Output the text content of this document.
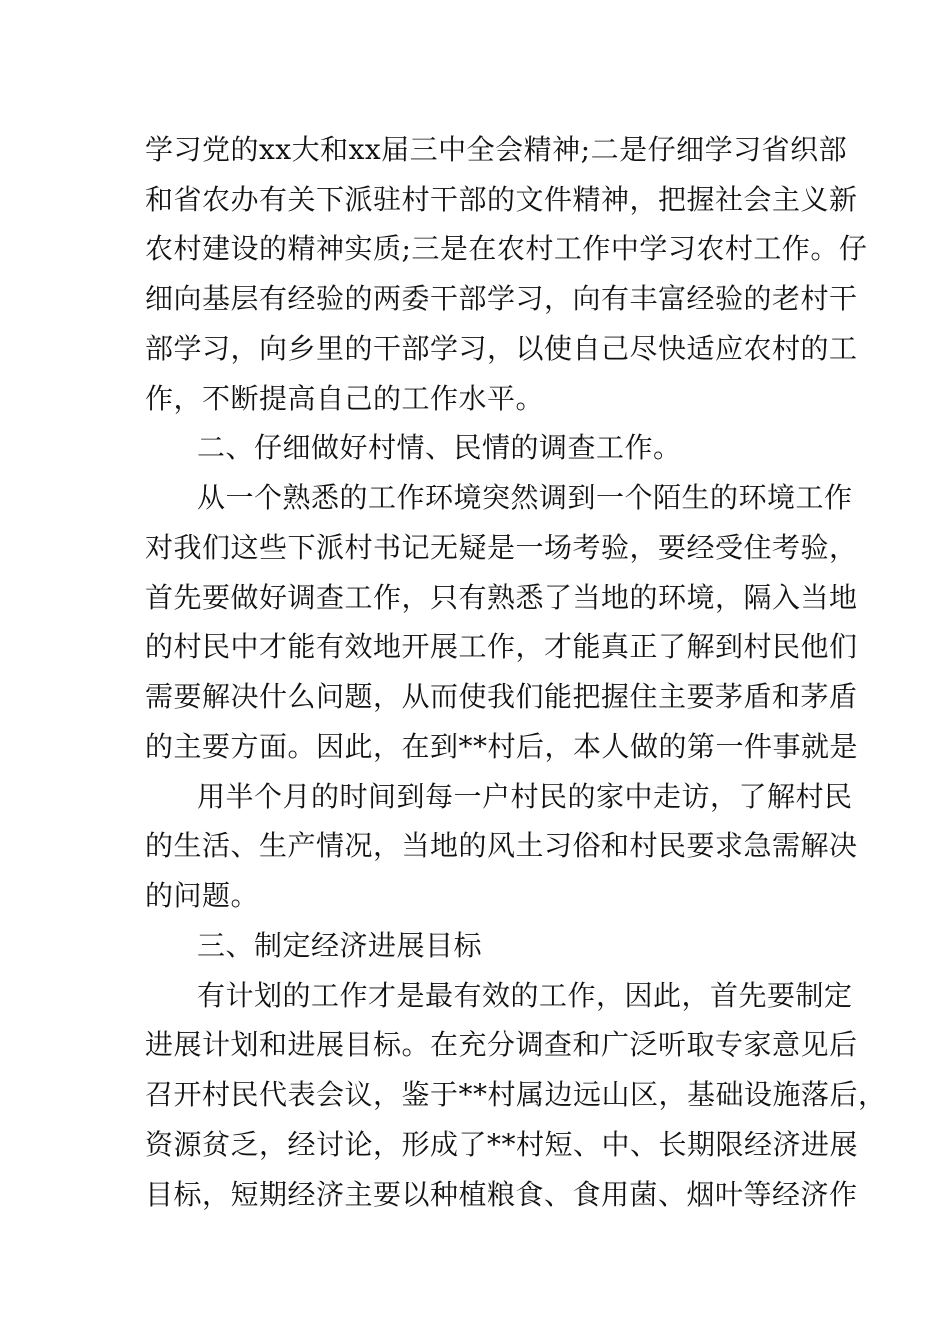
学习党的xx大和xx届三中全会精神;二是仔细学习省织部

和省农办有关下派驻村干部的文件精神，把握社会主义新

农村建设的精神实质;三是在农村工作中学习农村工作。仔

细向基层有经验的两委干部学习，向有丰富经验的老村干

部学习，向乡里的干部学习，以使自己尽快适应农村的工

作，不断提高自己的工作水平。

二、仔细做好村情、民情的调查工作。

从一个熟悉的工作环境突然调到一个陌生的环境工作

对我们这些下派村书记无疑是一场考验，要经受住考验，

首先要做好调查工作，只有熟悉了当地的环境，隔入当地

的村民中才能有效地开展工作，才能真正了解到村民他们

需要解决什么问题，从而使我们能把握住主要茅盾和茅盾

的主要方面。因此，在到**村后，本人做的第一件事就是

用半个月的时间到每一户村民的家中走访，了解村民

的生活、生产情况，当地的风土习俗和村民要求急需解决

的问题。

三、制定经济进展目标

有计划的工作才是最有效的工作，因此，首先要制定

进展计划和进展目标。在充分调查和广泛听取专家意见后

召开村民代表会议，鉴于**村属边远山区，基础设施落后，

资源贫乏，经讨论，形成了**村短、中、长期限经济进展

目标，短期经济主要以种植粮食、食用菌、烟叶等经济作
